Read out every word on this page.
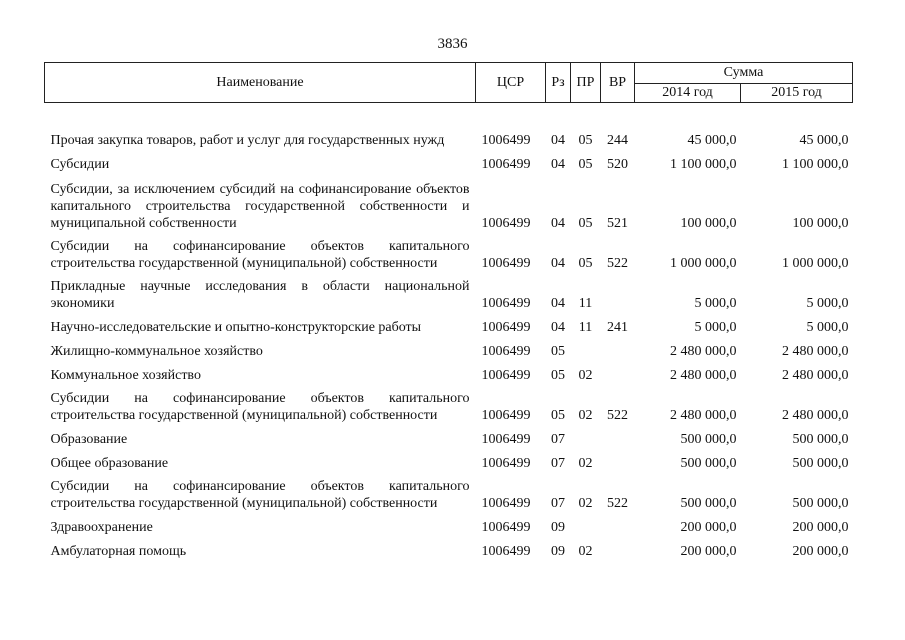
3836
Наименование	ЦСР	Рз	ПР	ВР	Сумма	
					2014 год	2015 год
Прочая закупка товаров, работ и услуг для государственных нужд	1006499	04	05	244	45 000,0	45 000,0
Субсидии	1006499	04	05	520	1 100 000,0	1 100 000,0
Субсидии, за исключением субсидий на софинансирование объектов капитального строительства государственной собственности и муниципальной собственности	1006499	04	05	521	100 000,0	100 000,0
Субсидии на софинансирование объектов капитального строительства государственной (муниципальной) собственности	1006499	04	05	522	1 000 000,0	1 000 000,0
Прикладные научные исследования в области национальной экономики	1006499	04	11		5 000,0	5 000,0
Научно-исследовательские и опытно-конструкторские работы	1006499	04	11	241	5 000,0	5 000,0
Жилищно-коммунальное хозяйство	1006499	05			2 480 000,0	2 480 000,0
Коммунальное хозяйство	1006499	05	02		2 480 000,0	2 480 000,0
Субсидии на софинансирование объектов капитального строительства государственной (муниципальной) собственности	1006499	05	02	522	2 480 000,0	2 480 000,0
Образование	1006499	07			500 000,0	500 000,0
Общее образование	1006499	07	02		500 000,0	500 000,0
Субсидии на софинансирование объектов капитального строительства государственной (муниципальной) собственности	1006499	07	02	522	500 000,0	500 000,0
Здравоохранение	1006499	09			200 000,0	200 000,0
Амбулаторная помощь	1006499	09	02		200 000,0	200 000,0
